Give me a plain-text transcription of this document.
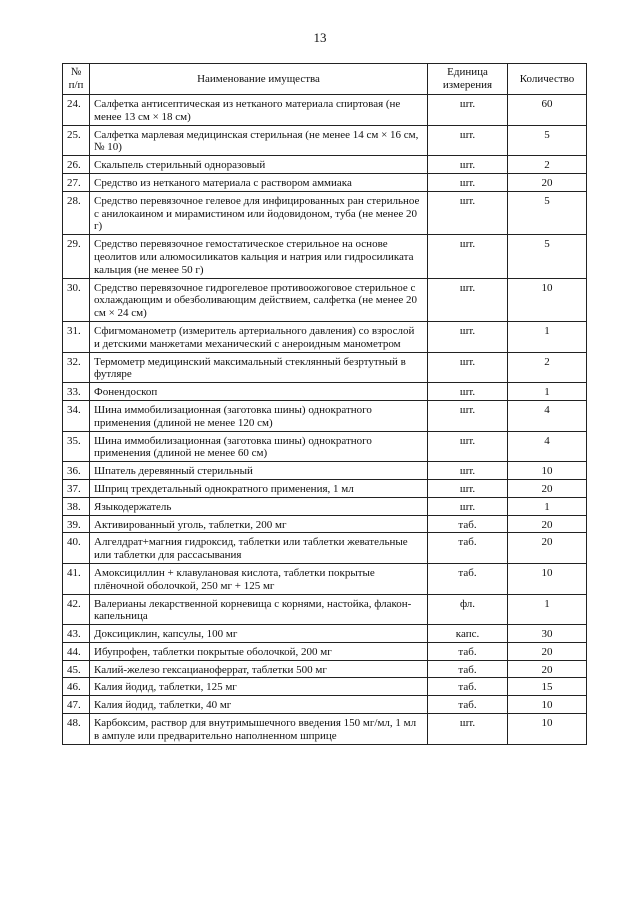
13
№ п/п	Наименование имущества	Единица измерения	Количество
24.	Салфетка антисептическая из нетканого материала спиртовая (не менее 13 см × 18 см)	шт.	60
25.	Салфетка марлевая медицинская стерильная (не менее 14 см × 16 см, № 10)	шт.	5
26.	Скальпель стерильный одноразовый	шт.	2
27.	Средство из нетканого материала с раствором аммиака	шт.	20
28.	Средство перевязочное гелевое для инфицированных ран стерильное с анилокаином и мирамистином или йодовидоном, туба (не менее 20 г)	шт.	5
29.	Средство перевязочное гемостатическое стерильное на основе цеолитов или алюмосиликатов кальция и натрия или гидросиликата кальция (не менее 50 г)	шт.	5
30.	Средство перевязочное гидрогелевое противоожоговое стерильное с охлаждающим и обезболивающим действием, салфетка (не менее 20 см × 24 см)	шт.	10
31.	Сфигмоманометр (измеритель артериального давления) со взрослой и детскими манжетами механический с анероидным манометром	шт.	1
32.	Термометр медицинский максимальный стеклянный безртутный в футляре	шт.	2
33.	Фонендоскоп	шт.	1
34.	Шина иммобилизационная (заготовка шины) однократного применения (длиной не менее 120 см)	шт.	4
35.	Шина иммобилизационная (заготовка шины) однократного применения (длиной не менее 60 см)	шт.	4
36.	Шпатель деревянный стерильный	шт.	10
37.	Шприц трехдетальный однократного применения, 1 мл	шт.	20
38.	Языкодержатель	шт.	1
39.	Активированный уголь, таблетки, 200 мг	таб.	20
40.	Алгелдрат+магния гидроксид, таблетки или таблетки жевательные или таблетки для рассасывания	таб.	20
41.	Амоксициллин + клавулановая кислота, таблетки покрытые плёночной оболочкой, 250 мг + 125 мг	таб.	10
42.	Валерианы лекарственной корневища с корнями, настойка, флакон-капельница	фл.	1
43.	Доксициклин, капсулы, 100 мг	капс.	30
44.	Ибупрофен, таблетки покрытые оболочкой, 200 мг	таб.	20
45.	Калий-железо гексацианоферрат, таблетки 500 мг	таб.	20
46.	Калия йодид, таблетки, 125 мг	таб.	15
47.	Калия йодид, таблетки, 40 мг	таб.	10
48.	Карбоксим, раствор для внутримышечного введения 150 мг/мл, 1 мл в ампуле или предварительно наполненном шприце	шт.	10
